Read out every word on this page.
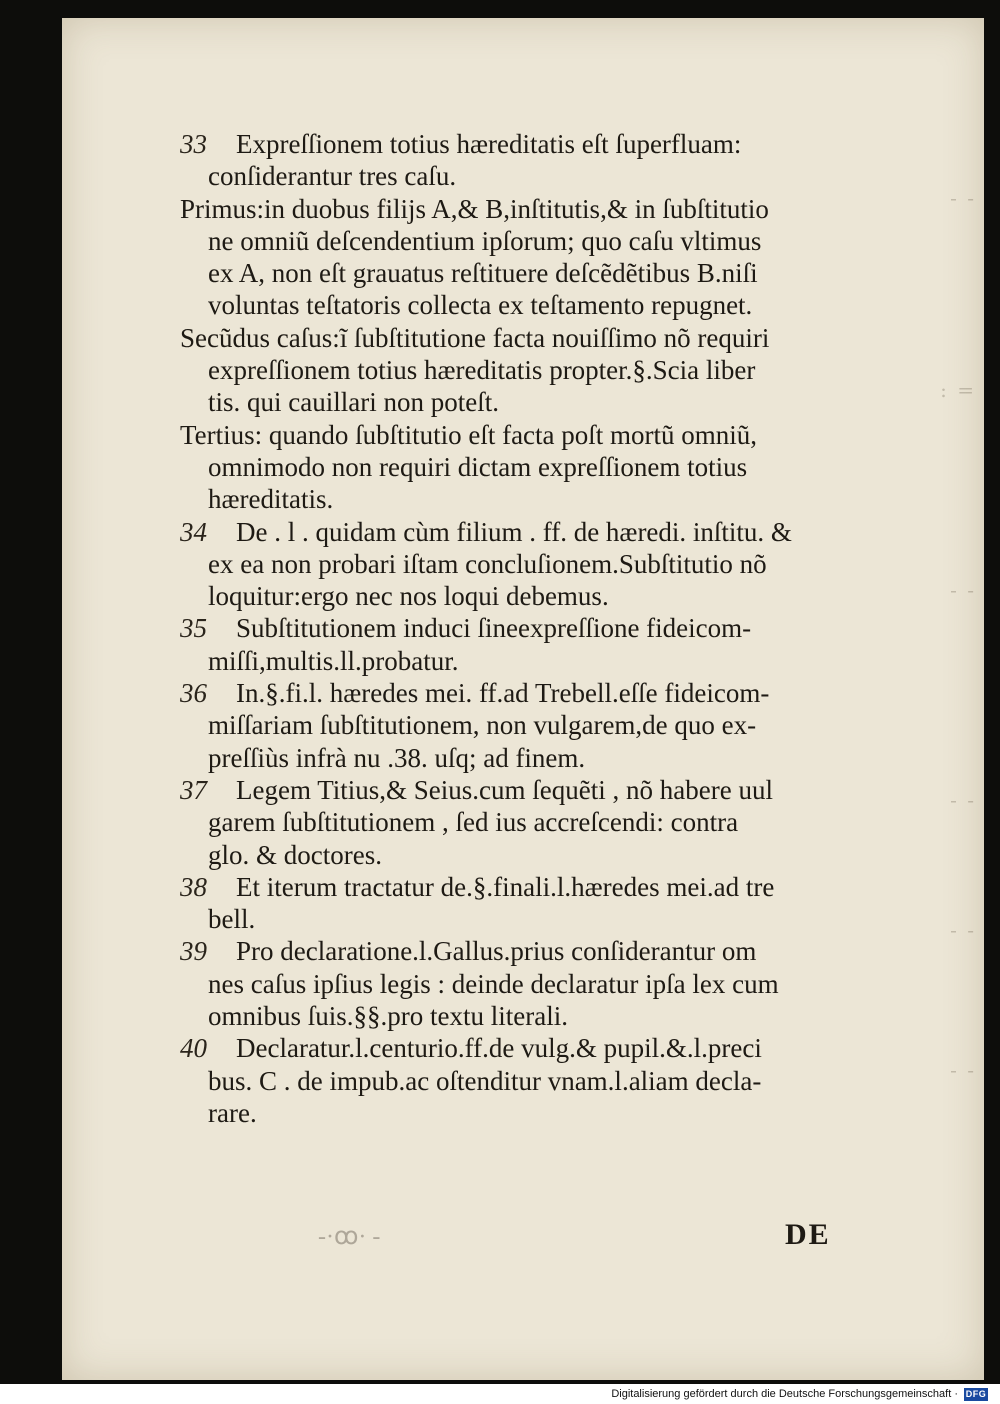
- -
: =
- -
- -
- -
- -
33 Expreſſionem totius hæreditatis eſt ſuperfluam:
conſiderantur tres caſu.
Primus:in duobus filijs A,& B,inſtitutis,& in ſubſtitutio
ne omniũ deſcendentium ipſorum; quo caſu vltimus
ex A, non eſt grauatus reſtituere deſcẽdẽtibus B.niſi
voluntas teſtatoris collecta ex teſtamento repugnet.
Secũdus caſus:ĩ ſubſtitutione facta nouiſſimo nõ requiri
expreſſionem totius hæreditatis propter.§.Scia liber
tis. qui cauillari non poteſt.
Tertius: quando ſubſtitutio eſt facta poſt mortũ omniũ,
omnimodo non requiri dictam expreſſionem totius
hæreditatis.
34 De . l . quidam cùm filium . ff. de hæredi. inſtitu. &
ex ea non probari iſtam concluſionem.Subſtitutio nõ
loquitur:ergo nec nos loqui debemus.
35 Subſtitutionem induci ſineexpreſſione fideicom-
miſſi,multis.ll.probatur.
36 In.§.fi.l. hæredes mei. ff.ad Trebell.eſſe fideicom-
miſſariam ſubſtitutionem, non vulgarem,de quo ex-
preſſiùs infrà nu .38. uſq; ad finem.
37 Legem Titius,& Seius.cum ſequẽti , nõ habere uul
garem ſubſtitutionem , ſed ius accreſcendi: contra
glo. & doctores.
38 Et iterum tractatur de.§.finali.l.hæredes mei.ad tre
bell.
39 Pro declaratione.l.Gallus.prius conſiderantur om
nes caſus ipſius legis : deinde declaratur ipſa lex cum
omnibus ſuis.§§.pro textu literali.
40 Declaratur.l.centurio.ff.de vulg.& pupil.&.l.preci
bus. C . de impub.ac oſtenditur vnam.l.aliam decla-
rare.
-·ꝏ· -	DE
Digitalisierung gefördert durch die Deutsche Forschungsgemeinschaft · DFG
